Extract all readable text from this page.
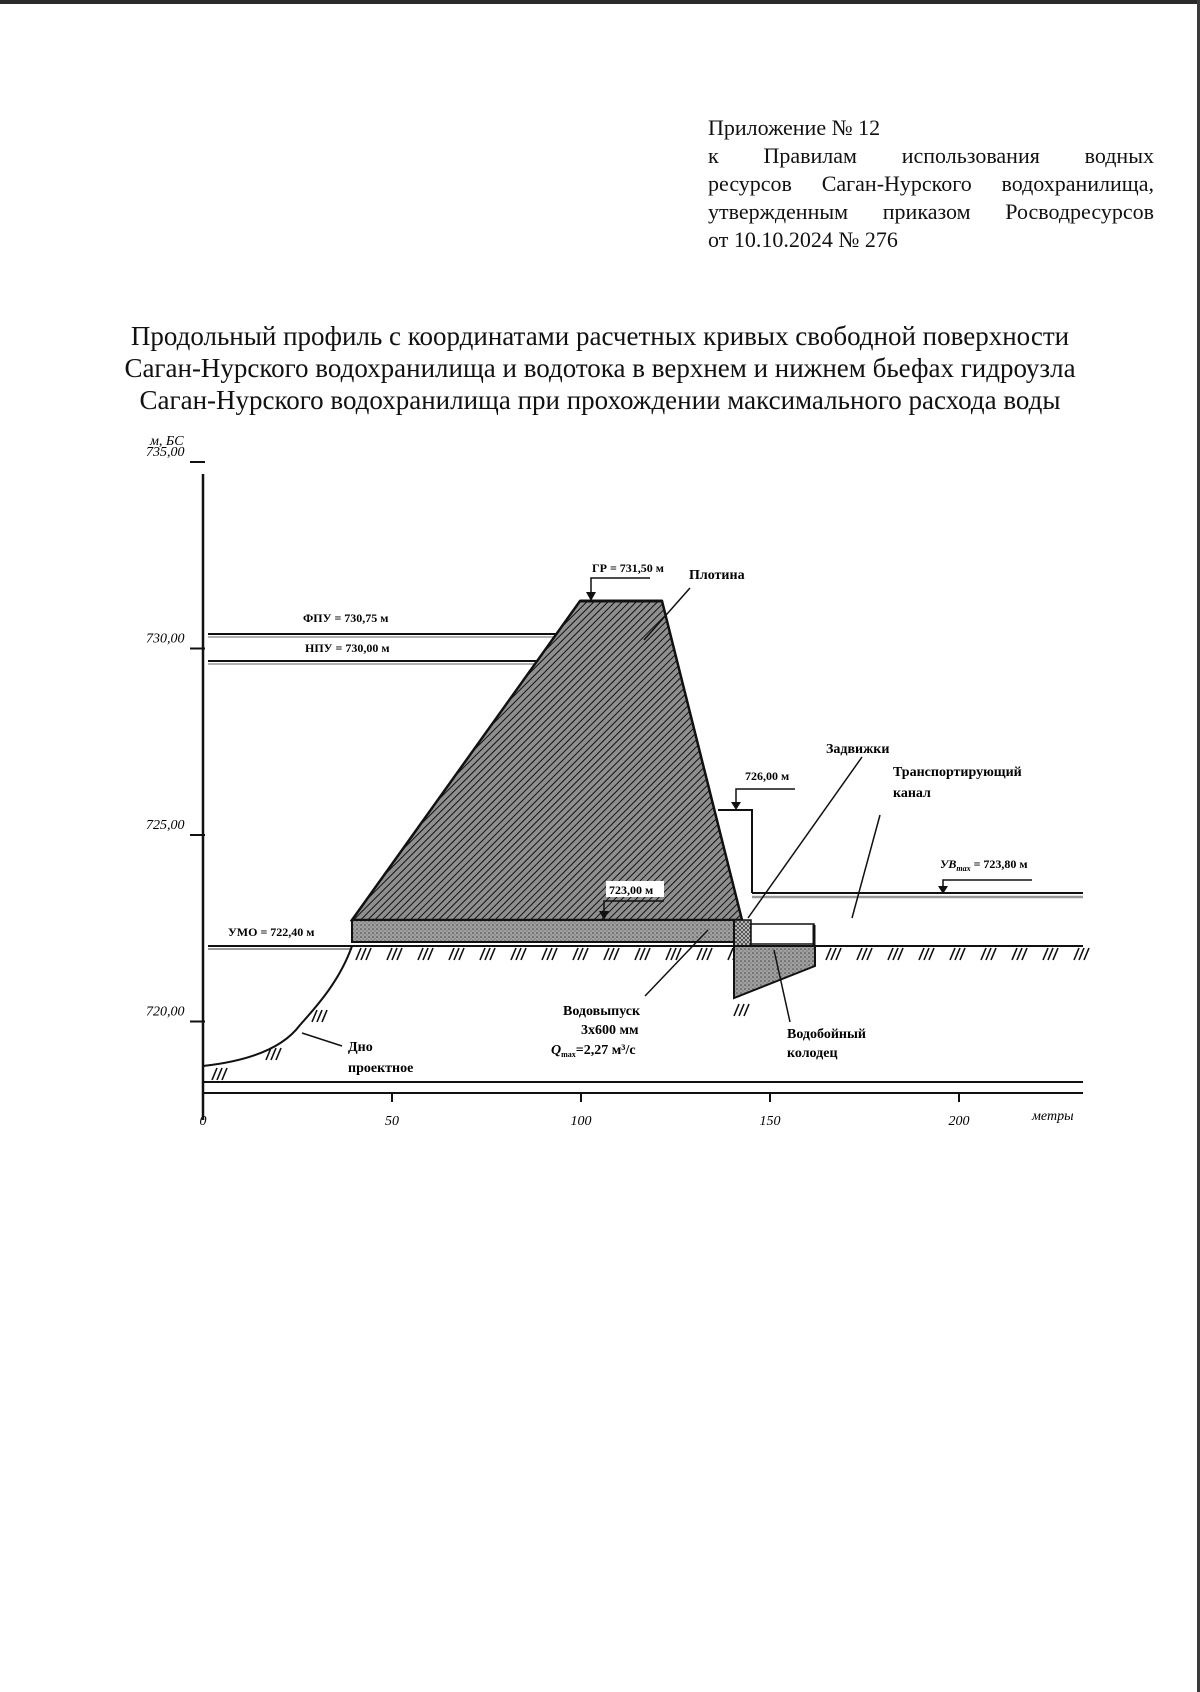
Приложение № 12
к Правилам использования водных
ресурсов Саган-Нурского водохранилища,
утвержденным приказом Росводресурсов
от 10.10.2024 № 276
Продольный профиль с координатами расчетных кривых свободной поверхности
Саган-Нурского водохранилища и водотока в верхнем и нижнем бьефах гидроузла
Саган-Нурского водохранилища при прохождении максимального расхода воды
м, БС
метры
735,00
730,00
725,00
720,00
0	50	100	150	200
ГР = 731,50 м
ФПУ = 730,75 м
НПУ = 730,00 м
УМО = 722,40 м
726,00 м
723,00 м
$УВ_{max} = 723,80$ м
Плотина
Задвижки
Транспортирующий
канал
Водовыпуск
3х600 мм
$Q_{max}=2,27$ м³/с
Водобойный
колодец
Дно
проектное
